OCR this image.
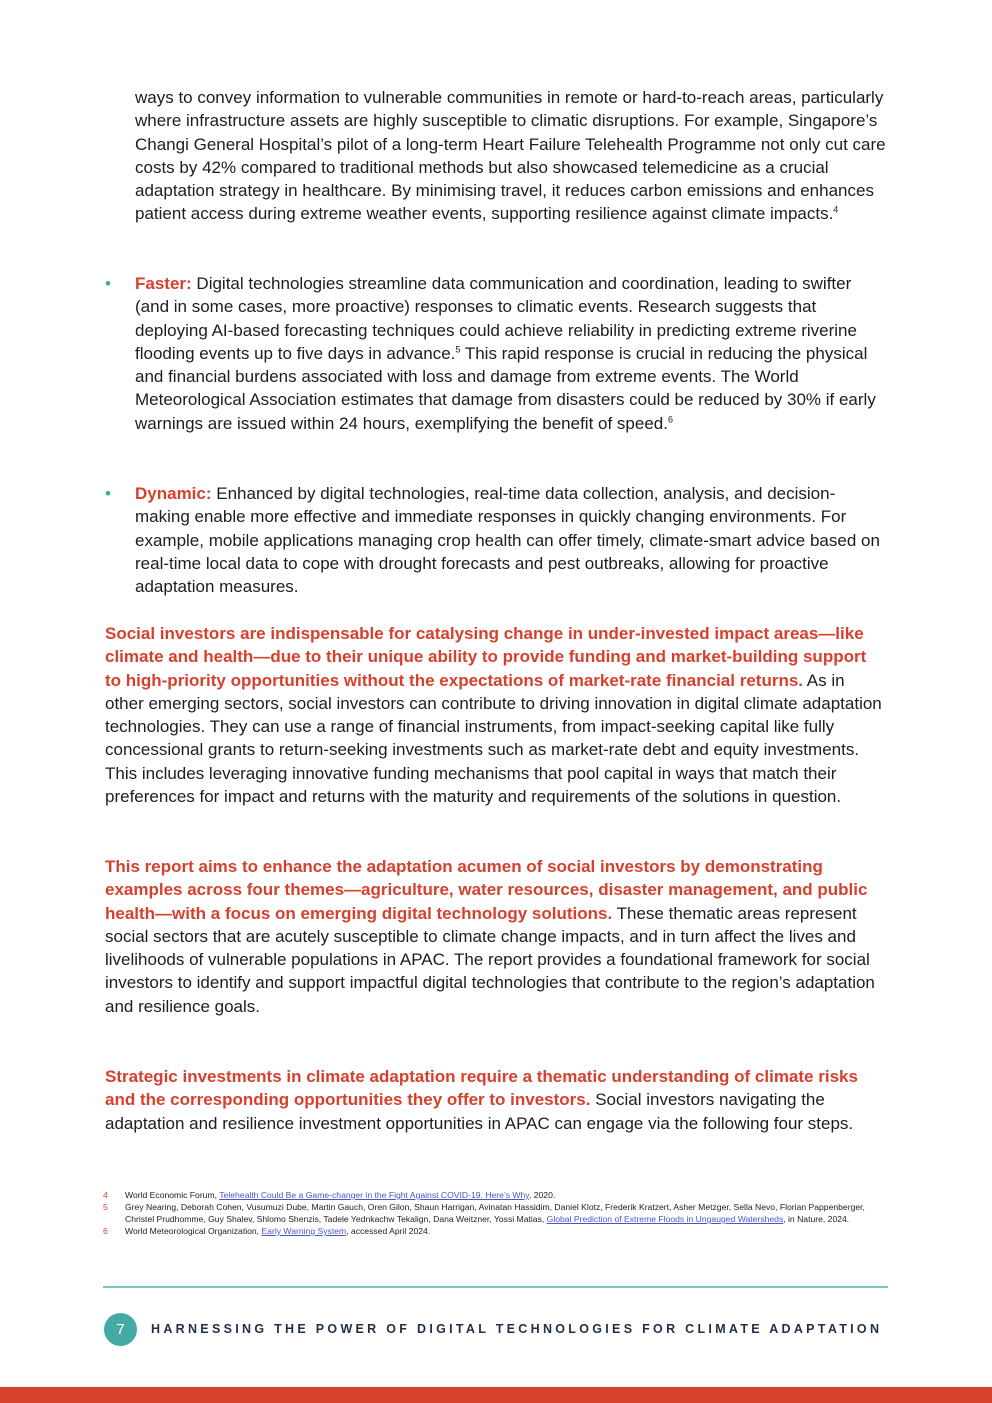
ways to convey information to vulnerable communities in remote or hard-to-reach areas, particularly where infrastructure assets are highly susceptible to climatic disruptions. For example, Singapore’s Changi General Hospital’s pilot of a long-term Heart Failure Telehealth Programme not only cut care costs by 42% compared to traditional methods but also showcased telemedicine as a crucial adaptation strategy in healthcare. By minimising travel, it reduces carbon emissions and enhances patient access during extreme weather events, supporting resilience against climate impacts.$^4$

•	Faster: Digital technologies streamline data communication and coordination, leading to swifter (and in some cases, more proactive) responses to climatic events. Research suggests that deploying AI-based forecasting techniques could achieve reliability in predicting extreme riverine flooding events up to five days in advance.$^5$ This rapid response is crucial in reducing the physical and financial burdens associated with loss and damage from extreme events. The World Meteorological Association estimates that damage from disasters could be reduced by 30% if early warnings are issued within 24 hours, exemplifying the benefit of speed.$^6$
•	Dynamic: Enhanced by digital technologies, real-time data collection, analysis, and decision-making enable more effective and immediate responses in quickly changing environments. For example, mobile applications managing crop health can offer timely, climate-smart advice based on real-time local data to cope with drought forecasts and pest outbreaks, allowing for proactive adaptation measures.

Social investors are indispensable for catalysing change in under-invested impact areas—like climate and health—due to their unique ability to provide funding and market-building support to high-priority opportunities without the expectations of market-rate financial returns. As in other emerging sectors, social investors can contribute to driving innovation in digital climate adaptation technologies. They can use a range of financial instruments, from impact-seeking capital like fully concessional grants to return-seeking investments such as market-rate debt and equity investments. This includes leveraging innovative funding mechanisms that pool capital in ways that match their preferences for impact and returns with the maturity and requirements of the solutions in question.

This report aims to enhance the adaptation acumen of social investors by demonstrating examples across four themes—agriculture, water resources, disaster management, and public health—with a focus on emerging digital technology solutions. These thematic areas represent social sectors that are acutely susceptible to climate change impacts, and in turn affect the lives and livelihoods of vulnerable populations in APAC. The report provides a foundational framework for social investors to identify and support impactful digital technologies that contribute to the region’s adaptation and resilience goals.

Strategic investments in climate adaptation require a thematic understanding of climate risks and the corresponding opportunities they offer to investors. Social investors navigating the adaptation and resilience investment opportunities in APAC can engage via the following four steps.

4	World Economic Forum, Telehealth Could Be a Game-changer in the Fight Against COVID-19. Here’s Why, 2020.
5	Grey Nearing, Deborah Cohen, Vusumuzi Dube, Martin Gauch, Oren Gilon, Shaun Harrigan, Avinatan Hassidim, Daniel Klotz, Frederik Kratzert, Asher Metzger, Sella Nevo, Florian Pappenberger, Christel Prudhomme, Guy Shalev, Shlomo Shenzis, Tadele Yednkachw Tekalign, Dana Weitzner, Yossi Matias, Global Prediction of Extreme Floods in Ungauged Watersheds, in Nature, 2024.
6	World Meteorological Organization, Early Warning System, accessed April 2024.
7	HARNESSING THE POWER OF DIGITAL TECHNOLOGIES FOR CLIMATE ADAPTATION
